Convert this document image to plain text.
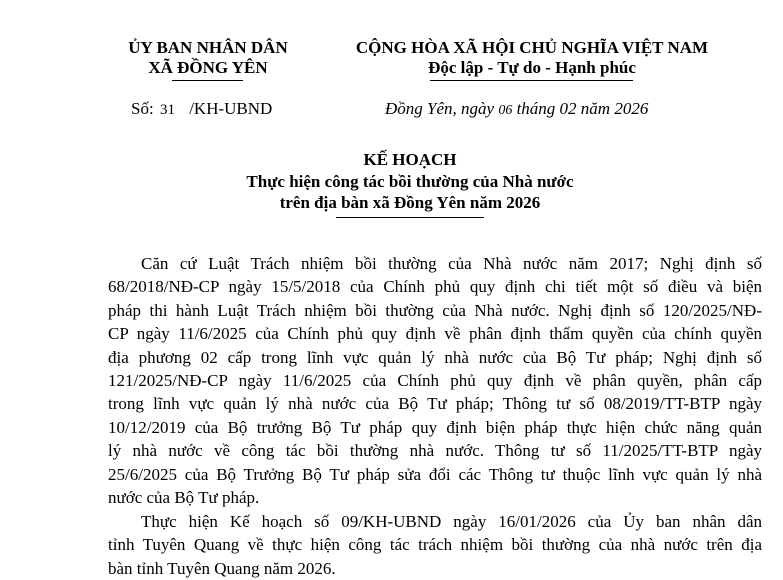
ỦY BAN NHÂN DÂN
XÃ ĐỒNG YÊN
CỘNG HÒA XÃ HỘI CHỦ NGHĨA VIỆT NAM
Độc lập - Tự do - Hạnh phúc
Số: 31 /KH-UBND	Đồng Yên, ngày 06 tháng 02 năm 2026
KẾ HOẠCH
Thực hiện công tác bồi thường của Nhà nước
trên địa bàn xã Đồng Yên năm 2026
Căn cứ Luật Trách nhiệm bồi thường của Nhà nước năm 2017; Nghị định số
68/2018/NĐ-CP ngày 15/5/2018 của Chính phủ quy định chi tiết một số điều và biện
pháp thi hành Luật Trách nhiệm bồi thường của Nhà nước. Nghị định số 120/2025/NĐ-
CP ngày 11/6/2025 của Chính phủ quy định về phân định thẩm quyền của chính quyền
địa phương 02 cấp trong lĩnh vực quản lý nhà nước của Bộ Tư pháp; Nghị định số
121/2025/NĐ-CP ngày 11/6/2025 của Chính phủ quy định về phân quyền, phân cấp
trong lĩnh vực quản lý nhà nước của Bộ Tư pháp; Thông tư số 08/2019/TT-BTP ngày
10/12/2019 của Bộ trưởng Bộ Tư pháp quy định biện pháp thực hiện chức năng quản
lý nhà nước về công tác bồi thường nhà nước. Thông tư số 11/2025/TT-BTP ngày
25/6/2025 của Bộ Trưởng Bộ Tư pháp sửa đổi các Thông tư thuộc lĩnh vực quản lý nhà
nước của Bộ Tư pháp.
Thực hiện Kế hoạch số 09/KH-UBND ngày 16/01/2026 của Ủy ban nhân dân
tỉnh Tuyên Quang về thực hiện công tác trách nhiệm bồi thường của nhà nước trên địa
bàn tỉnh Tuyên Quang năm 2026.
